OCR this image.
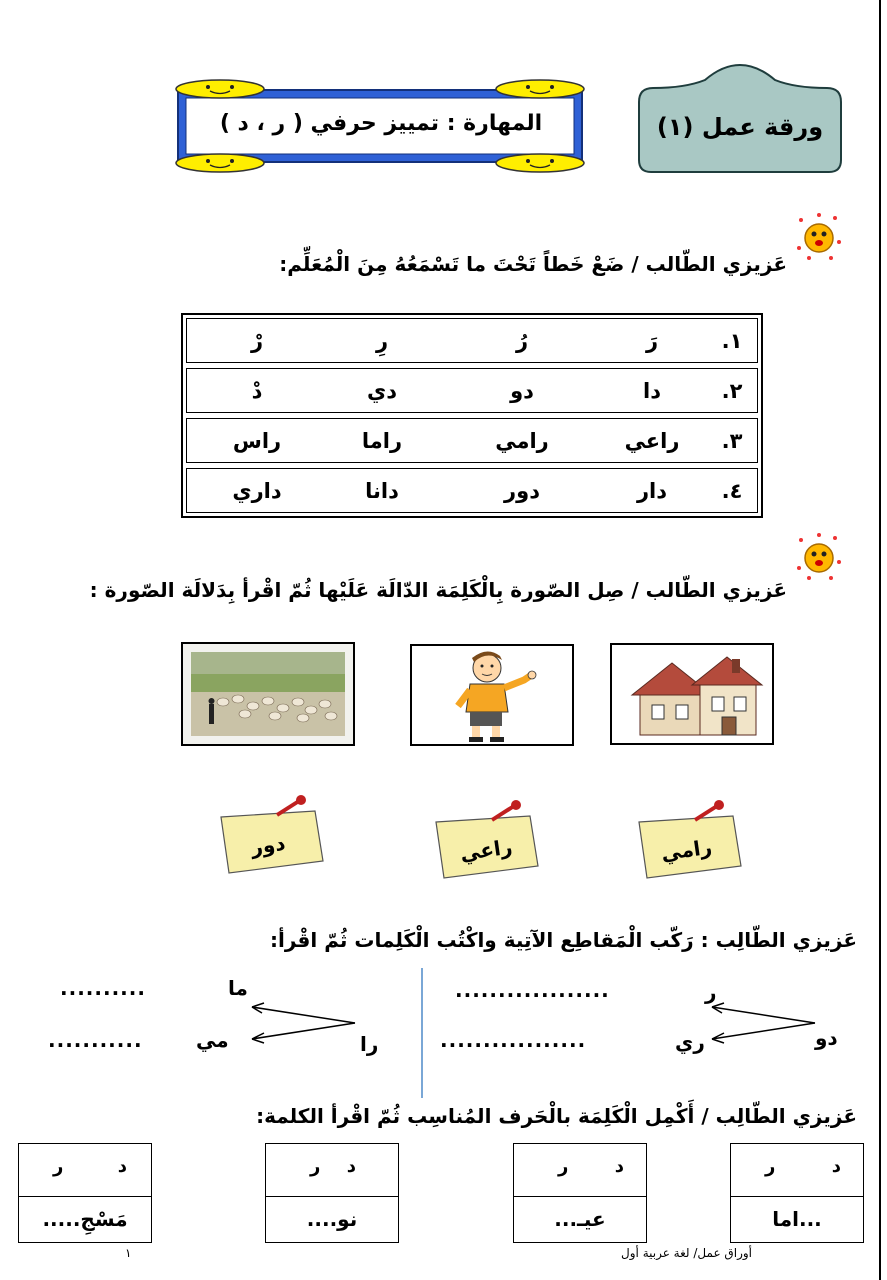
المهارة : تمييز حرفي ( ر ، د )	ورقة عمل (١)
عَزيزي الطّالب / ضَعْ خَطاً تَحْتَ ما تَسْمَعُهُ مِنَ الْمُعَلِّم:
١.
رَ
رُ
رِ
رْ
٢.
دا
دو
دي
دْ
٣.
راعي
رامي
راما
راس
٤.
دار
دور
دانا
داري
عَزيزي الطّالب / صِل الصّورة بِالْكَلِمَة الدّالَة عَلَيْها ثُمّ اقْرأ بِدَلالَة الصّورة :
رامي
راعي
دور
عَزيزي الطّالِب : رَكّب الْمَقاطِع الآتِية واكْتُب الْكَلِمات ثُمّ اقْرأ:
دو
ر
ري
..................
.................
را
ما
مي
..........
...........
عَزيزي الطّالِب / أَكْمِل الْكَلِمَة بالْحَرف المُناسِب ثُمّ اقْرأ الكلمة:
د
ر
...اما
د
ر
عيـ...
د
ر
نو....
د
ر
مَسْجِ.....
أوراق عمل/ لغة عربية أول
١
